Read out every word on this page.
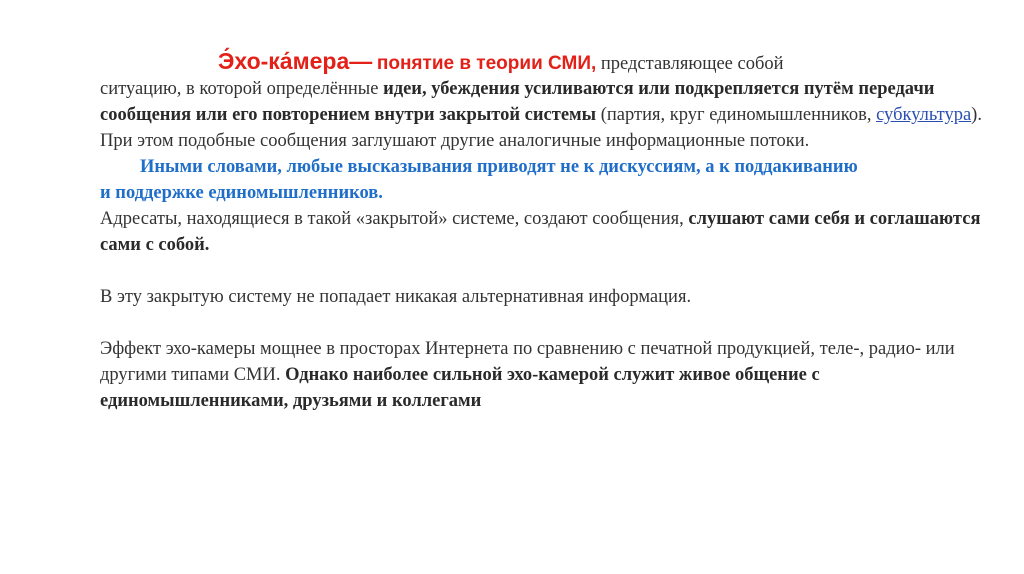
Э́хо-ка́мера— понятие в теории СМИ, представляющее собой

ситуацию, в которой определённые идеи, убеждения усиливаются или подкрепляется путём передачи сообщения или его повторением внутри закрытой системы (партия, круг единомышленников, субкультура). При этом подобные сообщения заглушают другие аналогичные информационные потоки.

Иными словами, любые высказывания приводят не к дискуссиям, а к поддакиванию
и поддержке единомышленников.

Адресаты, находящиеся в такой «закрытой» системе, создают сообщения, слушают сами себя и соглашаются сами с собой.

В эту закрытую систему не попадает никакая альтернативная информация.

Эффект эхо-камеры мощнее в просторах Интернета по сравнению с печатной продукцией, теле-, радио- или другими типами СМИ. Однако наиболее сильной эхо-камерой служит живое общение с единомышленниками, друзьями и коллегами
